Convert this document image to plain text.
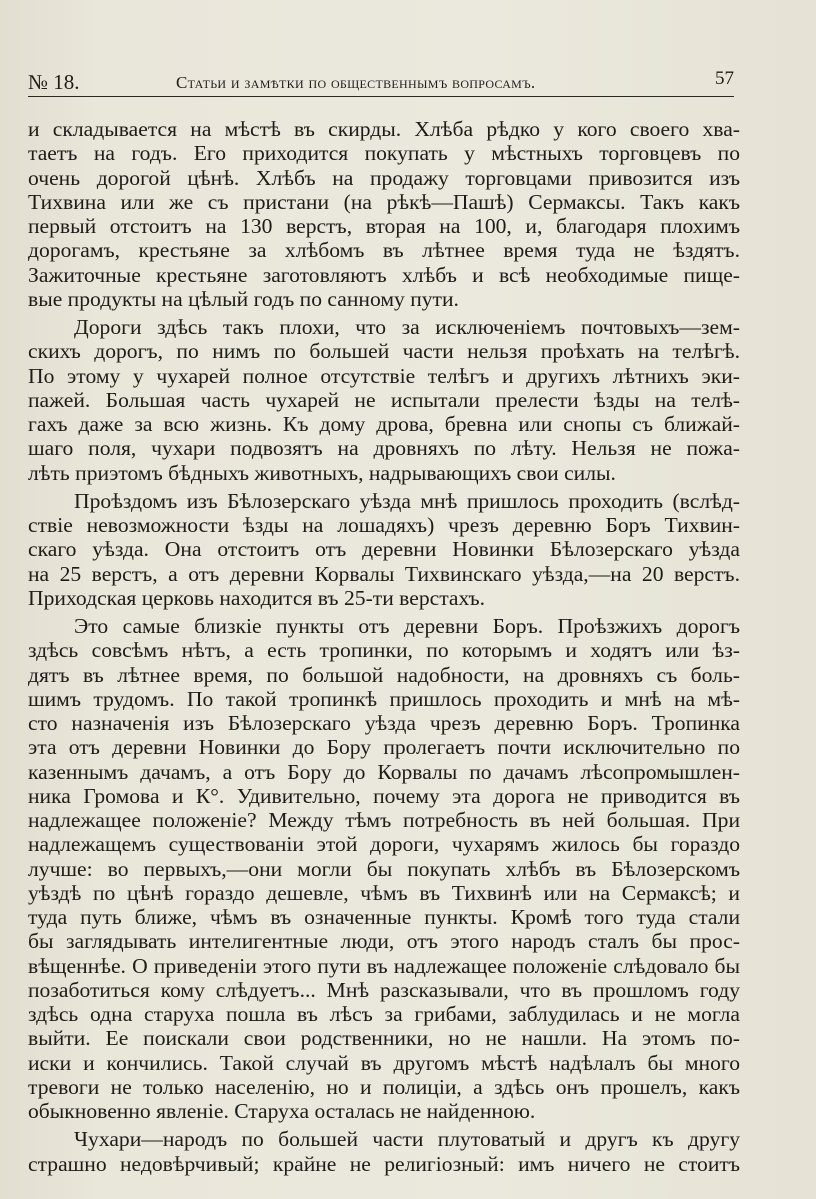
№ 18.	Статьи и замѣтки по общественнымъ вопросамъ.	57
и складывается на мѣстѣ въ скирды. Хлѣба рѣдко у кого своего хва-
таетъ на годъ. Его приходится покупать у мѣстныхъ торговцевъ по
очень дорогой цѣнѣ. Хлѣбъ на продажу торговцами привозится изъ
Тихвина или же съ пристани (на рѣкѣ—Пашѣ) Сермаксы. Такъ какъ
первый отстоитъ на 130 верстъ, вторая на 100, и, благодаря плохимъ
дорогамъ, крестьяне за хлѣбомъ въ лѣтнее время туда не ѣздятъ.
Зажиточные крестьяне заготовляютъ хлѣбъ и всѣ необходимые пище-
вые продукты на цѣлый годъ по санному пути.
Дороги здѣсь такъ плохи, что за исключеніемъ почтовыхъ—зем-
скихъ дорогъ, по нимъ по большей части нельзя проѣхать на телѣгѣ.
По этому у чухарей полное отсутствіе телѣгъ и другихъ лѣтнихъ эки-
пажей. Большая часть чухарей не испытали прелести ѣзды на телѣ-
гахъ даже за всю жизнь. Къ дому дрова, бревна или снопы съ ближай-
шаго поля, чухари подвозятъ на дровняхъ по лѣту. Нельзя не пожа-
лѣть приэтомъ бѣдныхъ животныхъ, надрывающихъ свои силы.
Проѣздомъ изъ Бѣлозерскаго уѣзда мнѣ пришлось проходить (вслѣд-
ствіе невозможности ѣзды на лошадяхъ) чрезъ деревню Боръ Тихвин-
скаго уѣзда. Она отстоитъ отъ деревни Новинки Бѣлозерскаго уѣзда
на 25 верстъ, а отъ деревни Корвалы Тихвинскаго уѣзда,—на 20 верстъ.
Приходская церковь находится въ 25-ти верстахъ.
Это самые близкіе пункты отъ деревни Боръ. Проѣзжихъ дорогъ
здѣсь совсѣмъ нѣтъ, а есть тропинки, по которымъ и ходятъ или ѣз-
дятъ въ лѣтнее время, по большой надобности, на дровняхъ съ боль-
шимъ трудомъ. По такой тропинкѣ пришлось проходить и мнѣ на мѣ-
сто назначенія изъ Бѣлозерскаго уѣзда чрезъ деревню Боръ. Тропинка
эта отъ деревни Новинки до Бору пролегаетъ почти исключительно по
казеннымъ дачамъ, а отъ Бору до Корвалы по дачамъ лѣсопромышлен-
ника Громова и К°. Удивительно, почему эта дорога не приводится въ
надлежащее положеніе? Между тѣмъ потребность въ ней большая. При
надлежащемъ существованіи этой дороги, чухарямъ жилось бы гораздо
лучше: во первыхъ,—они могли бы покупать хлѣбъ въ Бѣлозерскомъ
уѣздѣ по цѣнѣ гораздо дешевле, чѣмъ въ Тихвинѣ или на Сермаксѣ; и
туда путь ближе, чѣмъ въ означенные пункты. Кромѣ того туда стали
бы заглядывать интелигентные люди, отъ этого народъ сталъ бы прос-
вѣщеннѣе. О приведеніи этого пути въ надлежащее положеніе слѣдовало бы
позаботиться кому слѣдуетъ... Мнѣ разсказывали, что въ прошломъ году
здѣсь одна старуха пошла въ лѣсъ за грибами, заблудилась и не могла
выйти. Ее поискали свои родственники, но не нашли. На этомъ по-
иски и кончились. Такой случай въ другомъ мѣстѣ надѣлалъ бы много
тревоги не только населенію, но и полиціи, а здѣсь онъ прошелъ, какъ
обыкновенно явленіе. Старуха осталась не найденною.
Чухари—народъ по большей части плутоватый и другъ къ другу
страшно недовѣрчивый; крайне не религіозный: имъ ничего не стоитъ
